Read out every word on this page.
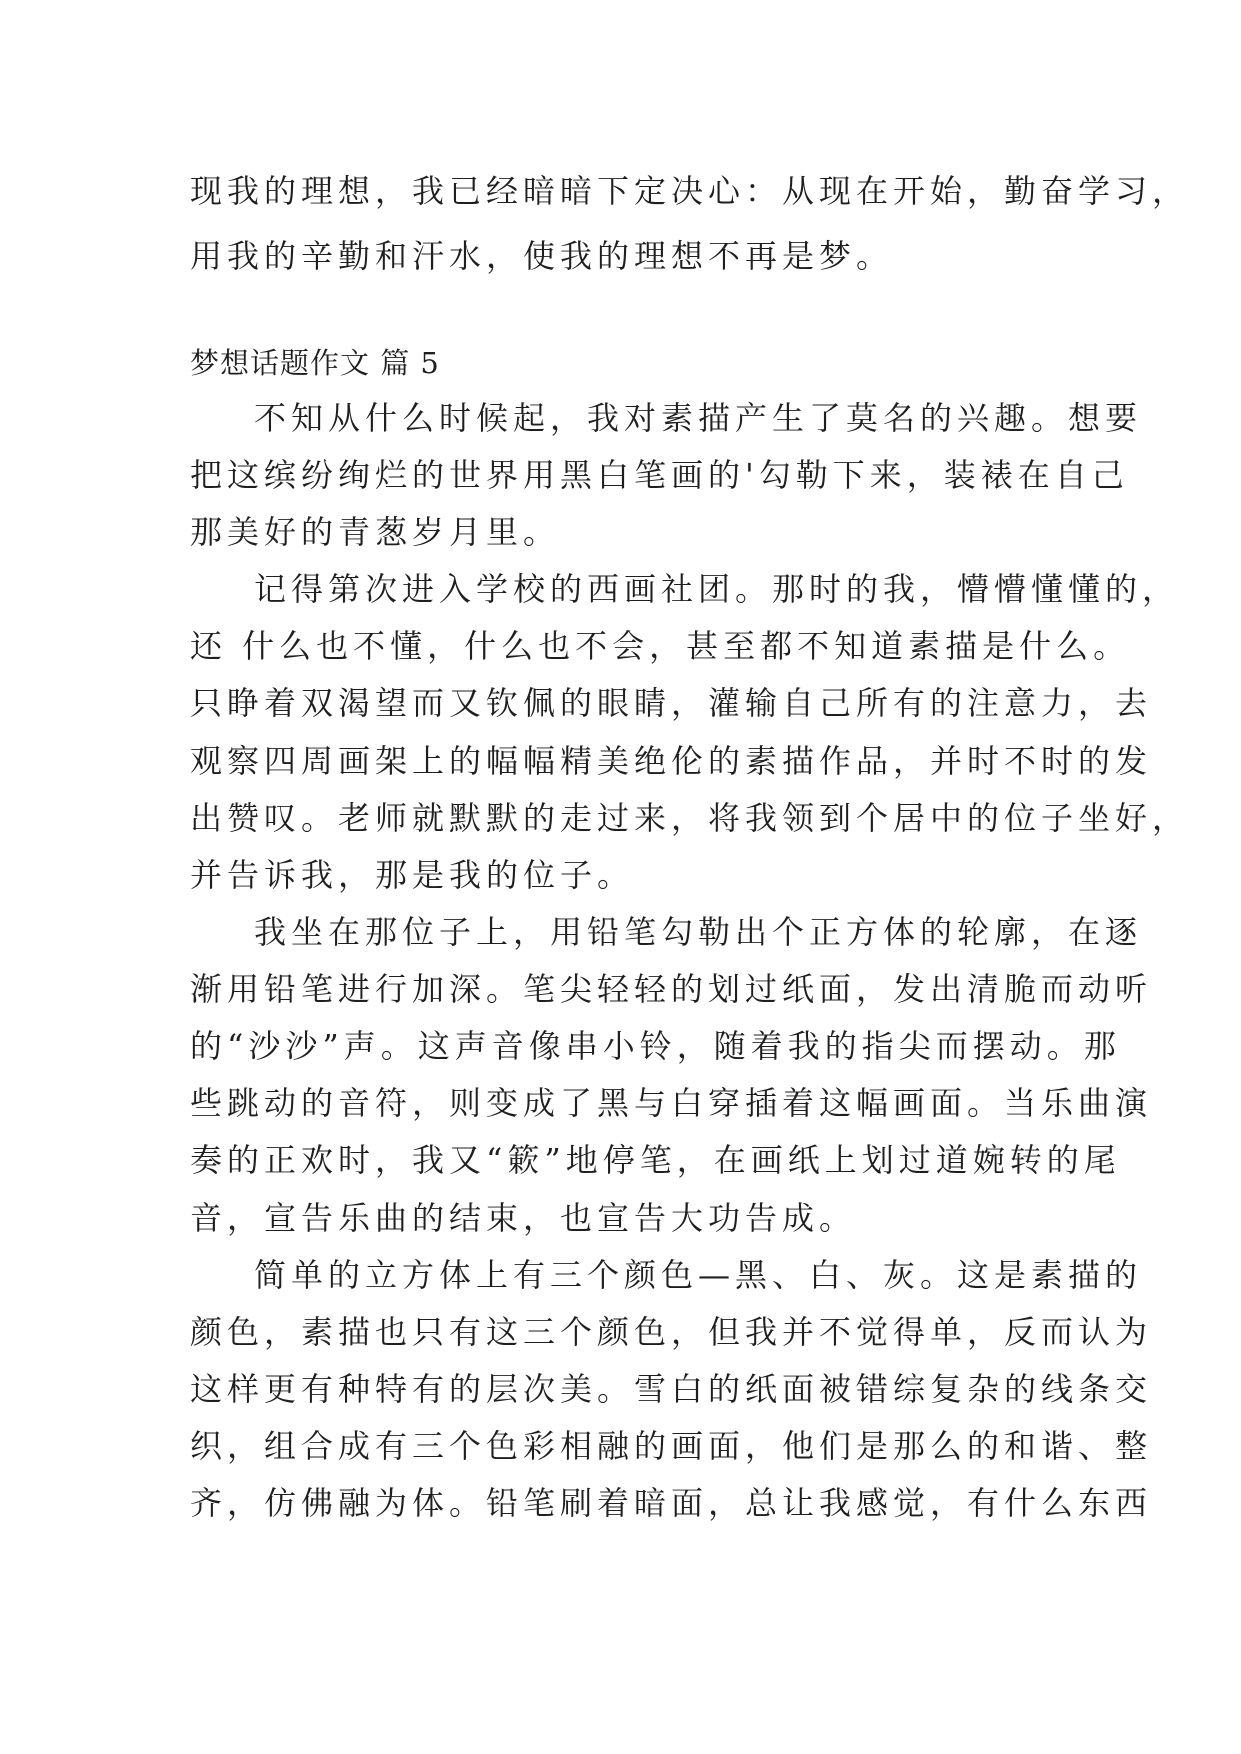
现我的理想，我已经暗暗下定决心：从现在开始，勤奋学习，
用我的辛勤和汗水，使我的理想不再是梦。
梦想话题作文 篇 5
不知从什么时候起，我对素描产生了莫名的兴趣。想要
把这缤纷绚烂的世界用黑白笔画的'勾勒下来，装裱在自己
那美好的青葱岁月里。
记得第次进入学校的西画社团。那时的我，懵懵懂懂的，
还 什么也不懂，什么也不会，甚至都不知道素描是什么。
只睁着双渴望而又钦佩的眼睛，灌输自己所有的注意力，去
观察四周画架上的幅幅精美绝伦的素描作品，并时不时的发
出赞叹。老师就默默的走过来，将我领到个居中的位子坐好，
并告诉我，那是我的位子。
我坐在那位子上，用铅笔勾勒出个正方体的轮廓，在逐
渐用铅笔进行加深。笔尖轻轻的划过纸面，发出清脆而动听
的“沙沙”声。这声音像串小铃，随着我的指尖而摆动。那
些跳动的音符，则变成了黑与白穿插着这幅画面。当乐曲演
奏的正欢时，我又“簌”地停笔，在画纸上划过道婉转的尾
音，宣告乐曲的结束，也宣告大功告成。
简单的立方体上有三个颜色—黑、白、灰。这是素描的
颜色，素描也只有这三个颜色，但我并不觉得单，反而认为
这样更有种特有的层次美。雪白的纸面被错综复杂的线条交
织，组合成有三个色彩相融的画面，他们是那么的和谐、整
齐，仿佛融为体。铅笔刷着暗面，总让我感觉，有什么东西
